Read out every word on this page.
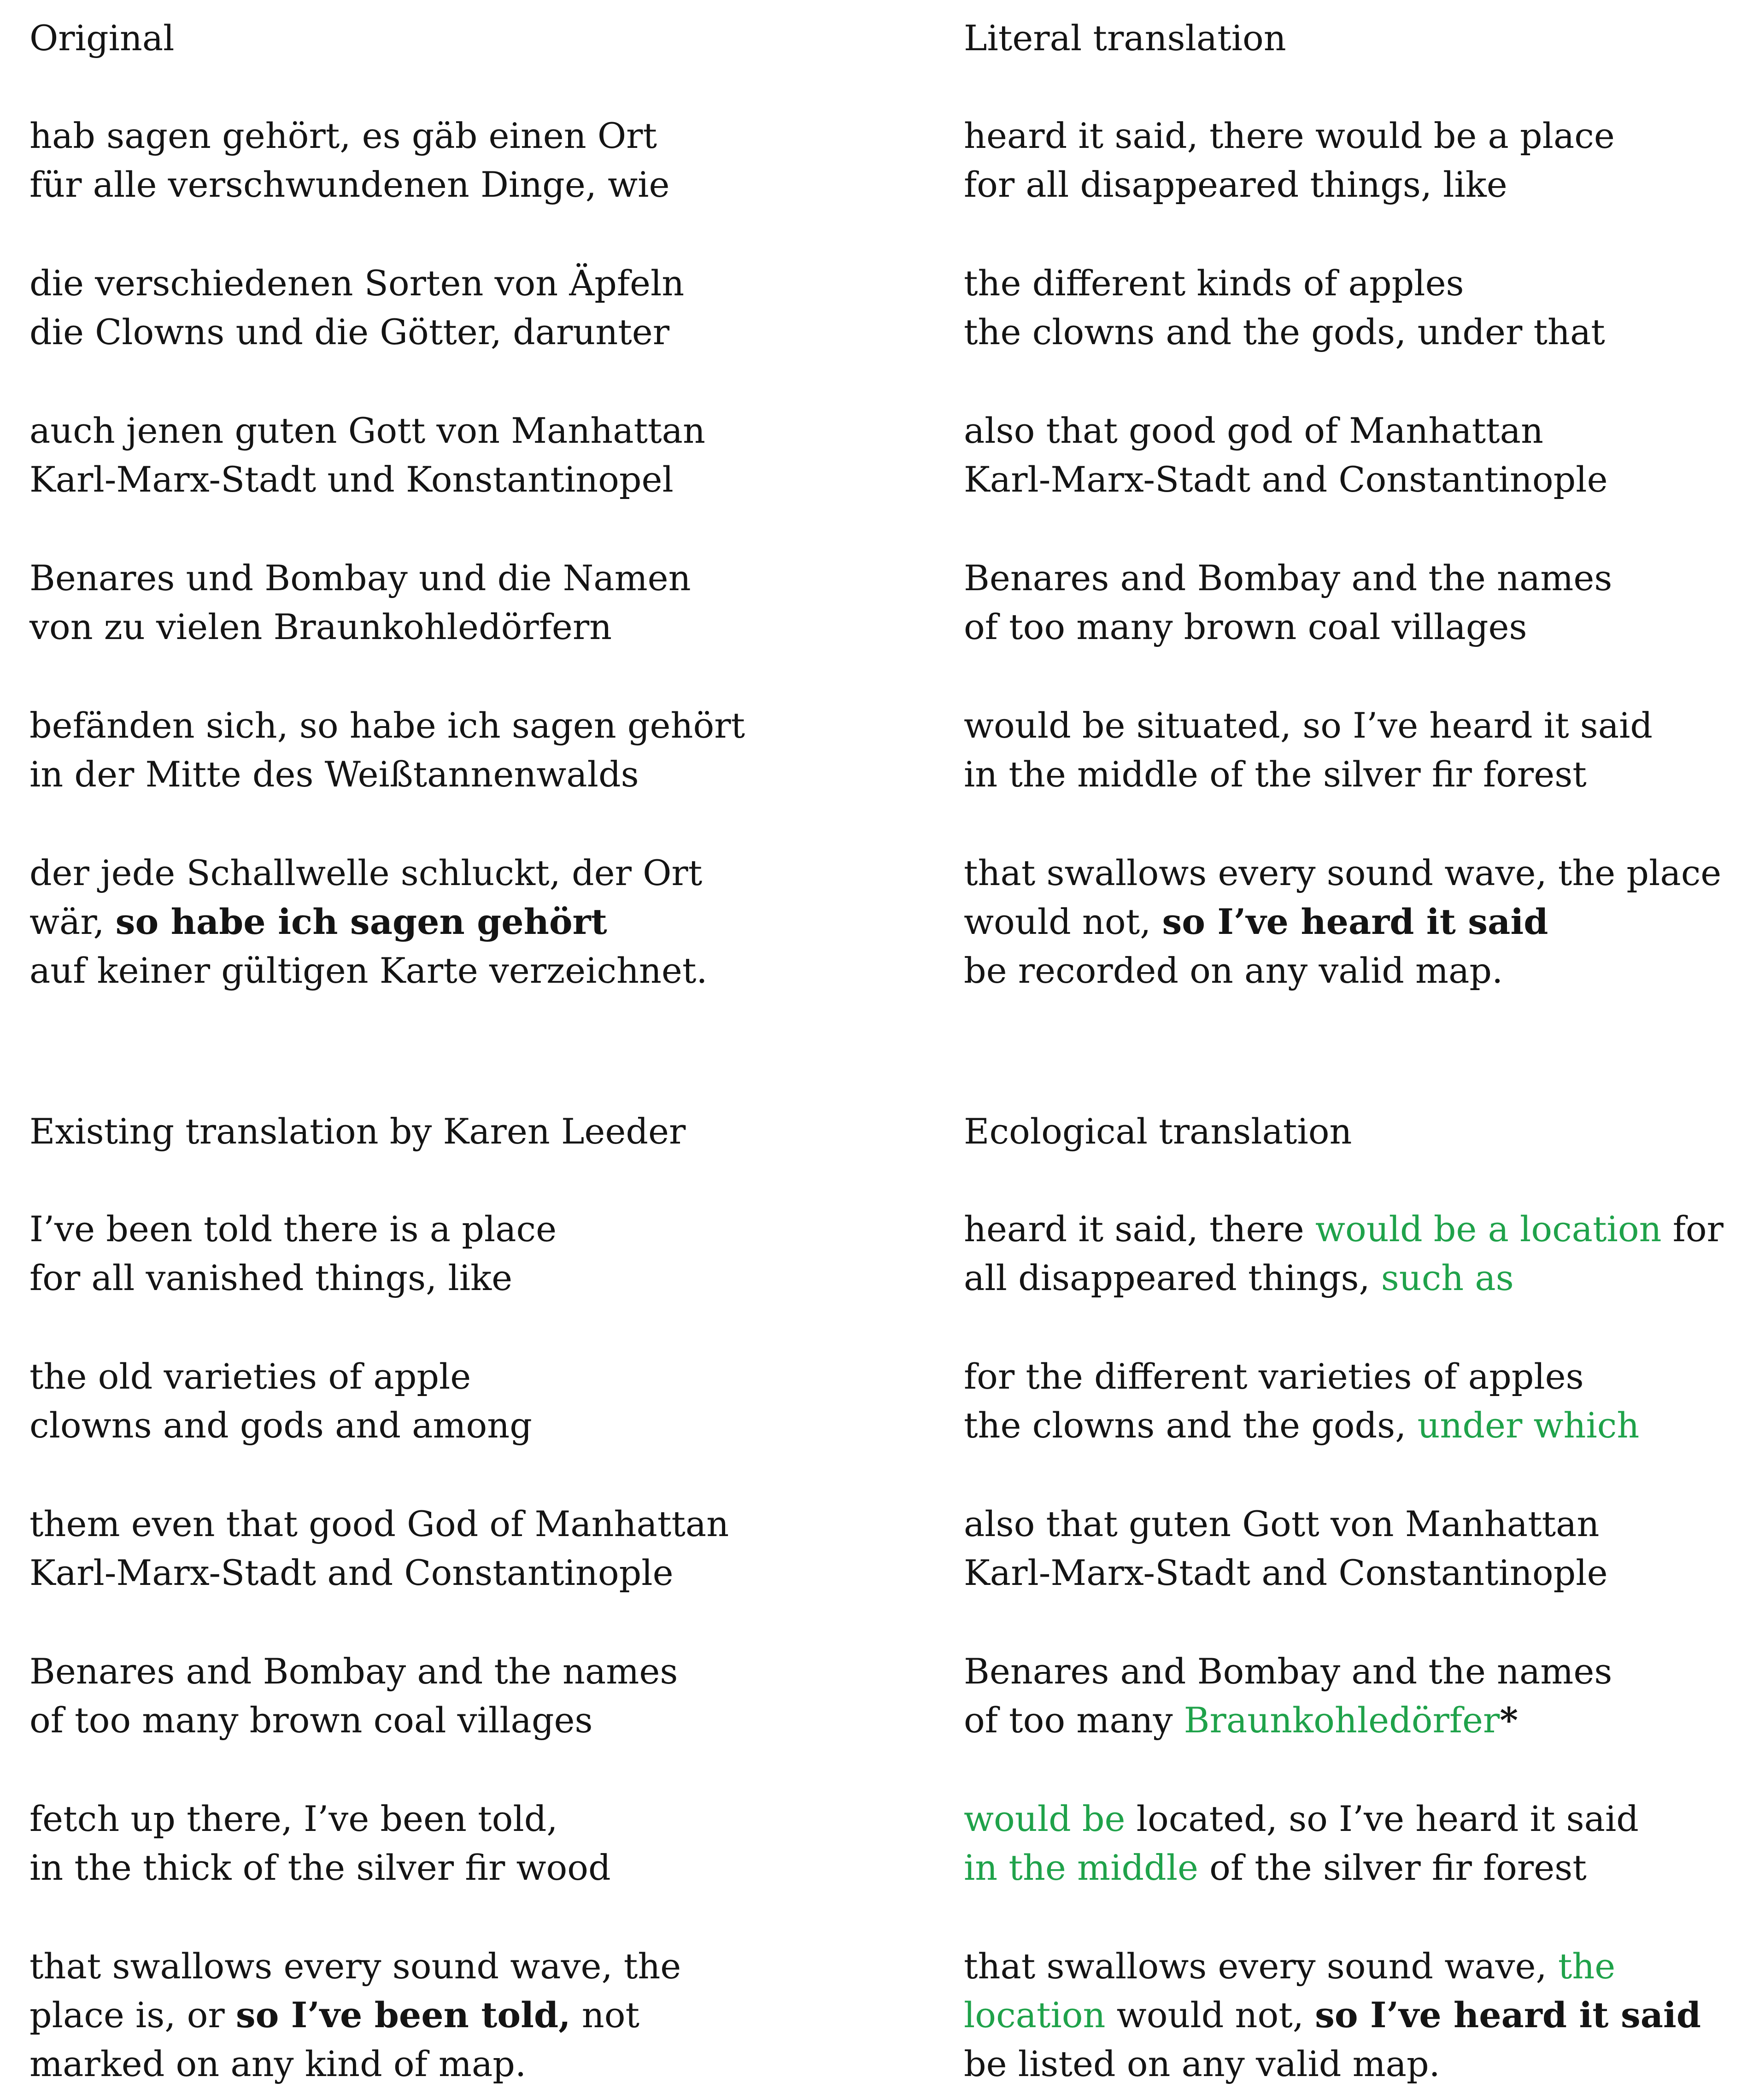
Original
hab sagen gehört, es gäb einen Ort
für alle verschwundenen Dinge, wie
die verschiedenen Sorten von Äpfeln
die Clowns und die Götter, darunter
auch jenen guten Gott von Manhattan
Karl-Marx-Stadt und Konstantinopel
Benares und Bombay und die Namen
von zu vielen Braunkohledörfern
befänden sich, so habe ich sagen gehört
in der Mitte des Weißtannenwalds
der jede Schallwelle schluckt, der Ort
wär, so habe ich sagen gehört
auf keiner gültigen Karte verzeichnet.
Literal translation
heard it said, there would be a place
for all disappeared things, like
the different kinds of apples
the clowns and the gods, under that
also that good god of Manhattan
Karl-Marx-Stadt and Constantinople
Benares and Bombay and the names
of too many brown coal villages
would be situated, so I’ve heard it said
in the middle of the silver fir forest
that swallows every sound wave, the place
would not, so I’ve heard it said
be recorded on any valid map.
Existing translation by Karen Leeder
I’ve been told there is a place
for all vanished things, like
the old varieties of apple
clowns and gods and among
them even that good God of Manhattan
Karl-Marx-Stadt and Constantinople
Benares and Bombay and the names
of too many brown coal villages
fetch up there, I’ve been told,
in the thick of the silver fir wood
that swallows every sound wave, the
place is, or so I’ve been told, not
marked on any kind of map.
Ecological translation
heard it said, there would be a location for
all disappeared things, such as
for the different varieties of apples
the clowns and the gods, under which
also that guten Gott von Manhattan
Karl-Marx-Stadt and Constantinople
Benares and Bombay and the names
of too many Braunkohledörfer*
would be located, so I’ve heard it said
in the middle of the silver fir forest
that swallows every sound wave, the
location would not, so I’ve heard it said
be listed on any valid map.
